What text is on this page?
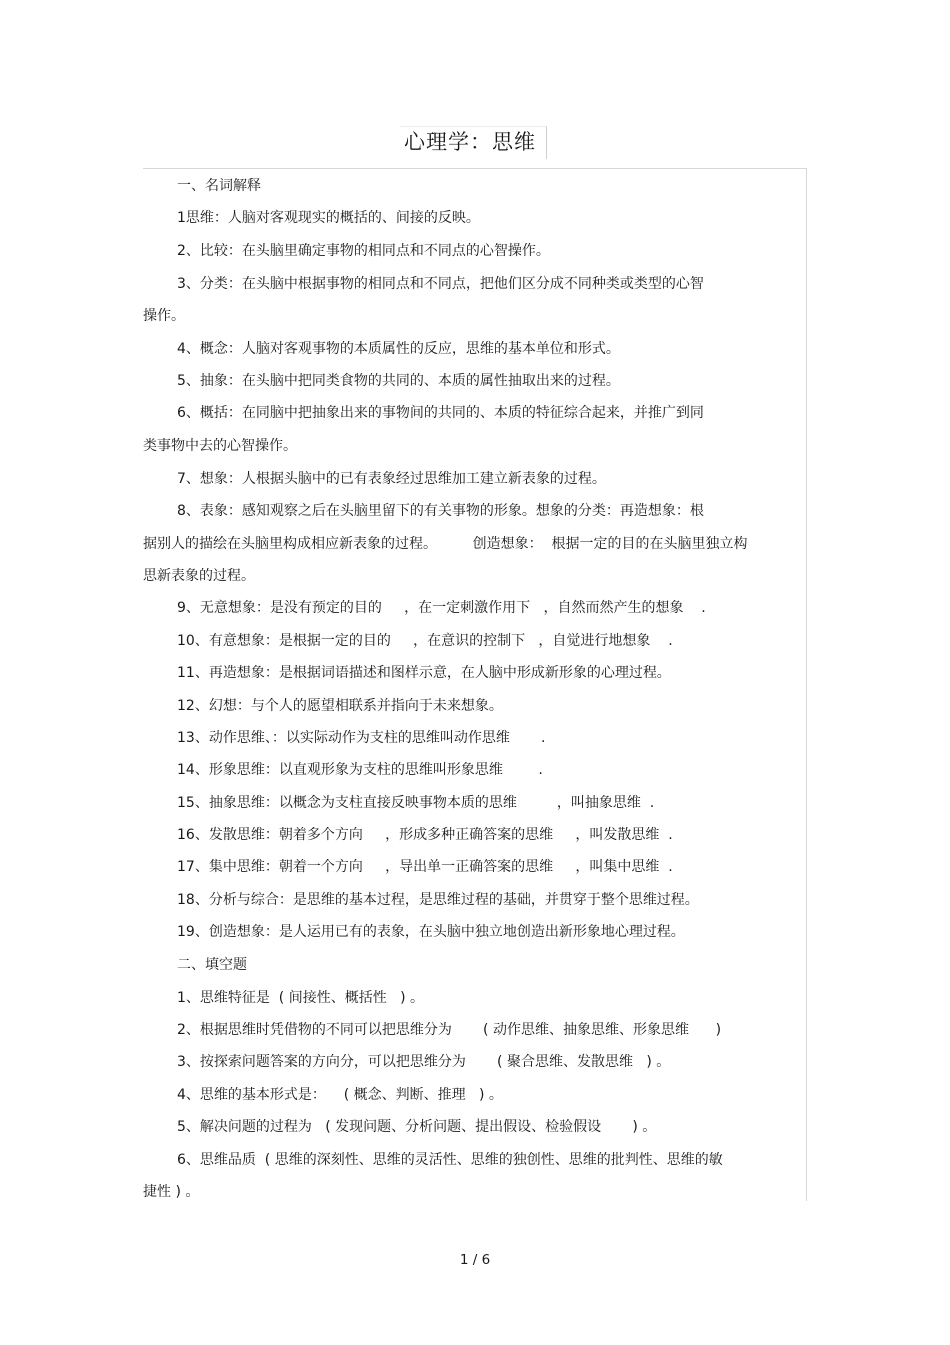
心理学：思维
一、名词解释
1思维：人脑对客观现实的概括的、间接的反映。
2、比较：在头脑里确定事物的相同点和不同点的心智操作。
3、分类：在头脑中根据事物的相同点和不同点，把他们区分成不同种类或类型的心智
操作。
4、概念：人脑对客观事物的本质属性的反应，思维的基本单位和形式。
5、抽象：在头脑中把同类食物的共同的、本质的属性抽取出来的过程。
6、概括：在同脑中把抽象出来的事物间的共同的、本质的特征综合起来，并推广到同
类事物中去的心智操作。
7、想象：人根据头脑中的已有表象经过思维加工建立新表象的过程。
8、表象：感知观察之后在头脑里留下的有关事物的形象。想象的分类：再造想象：根
据别人的描绘在头脑里构成相应新表象的过程。        创造想象：  根据一定的目的在头脑里独立构
思新表象的过程。
9、无意想象：是没有预定的目的     ，在一定刺激作用下   ，自然而然产生的想象    .
10、有意想象：是根据一定的目的     ，在意识的控制下   ，自觉进行地想象    .
11、再造想象：是根据词语描述和图样示意，在人脑中形成新形象的心理过程。
12、幻想：与个人的愿望相联系并指向于未来想象。
13、动作思维、：以实际动作为支柱的思维叫动作思维       .
14、形象思维：以直观形象为支柱的思维叫形象思维        .
15、抽象思维：以概念为支柱直接反映事物本质的思维         ，叫抽象思维  .
16、发散思维：朝着多个方向     ，形成多种正确答案的思维     ，叫发散思维  .
17、集中思维：朝着一个方向     ，导出单一正确答案的思维     ，叫集中思维  .
18、分析与综合：是思维的基本过程，是思维过程的基础，并贯穿于整个思维过程。
19、创造想象：是人运用已有的表象，在头脑中独立地创造出新形象地心理过程。
二、填空题
1、思维特征是  ( 间接性、概括性   ) 。
2、根据思维时凭借物的不同可以把思维分为       ( 动作思维、抽象思维、形象思维      )
3、按探索问题答案的方向分，可以把思维分为       ( 聚合思维、发散思维   ) 。
4、思维的基本形式是：    ( 概念、判断、推理   ) 。
5、解决问题的过程为   ( 发现问题、分析问题、提出假设、检验假设       ) 。
6、思维品质  ( 思维的深刻性、思维的灵活性、思维的独创性、思维的批判性、思维的敏
捷性 ) 。
1 / 6
